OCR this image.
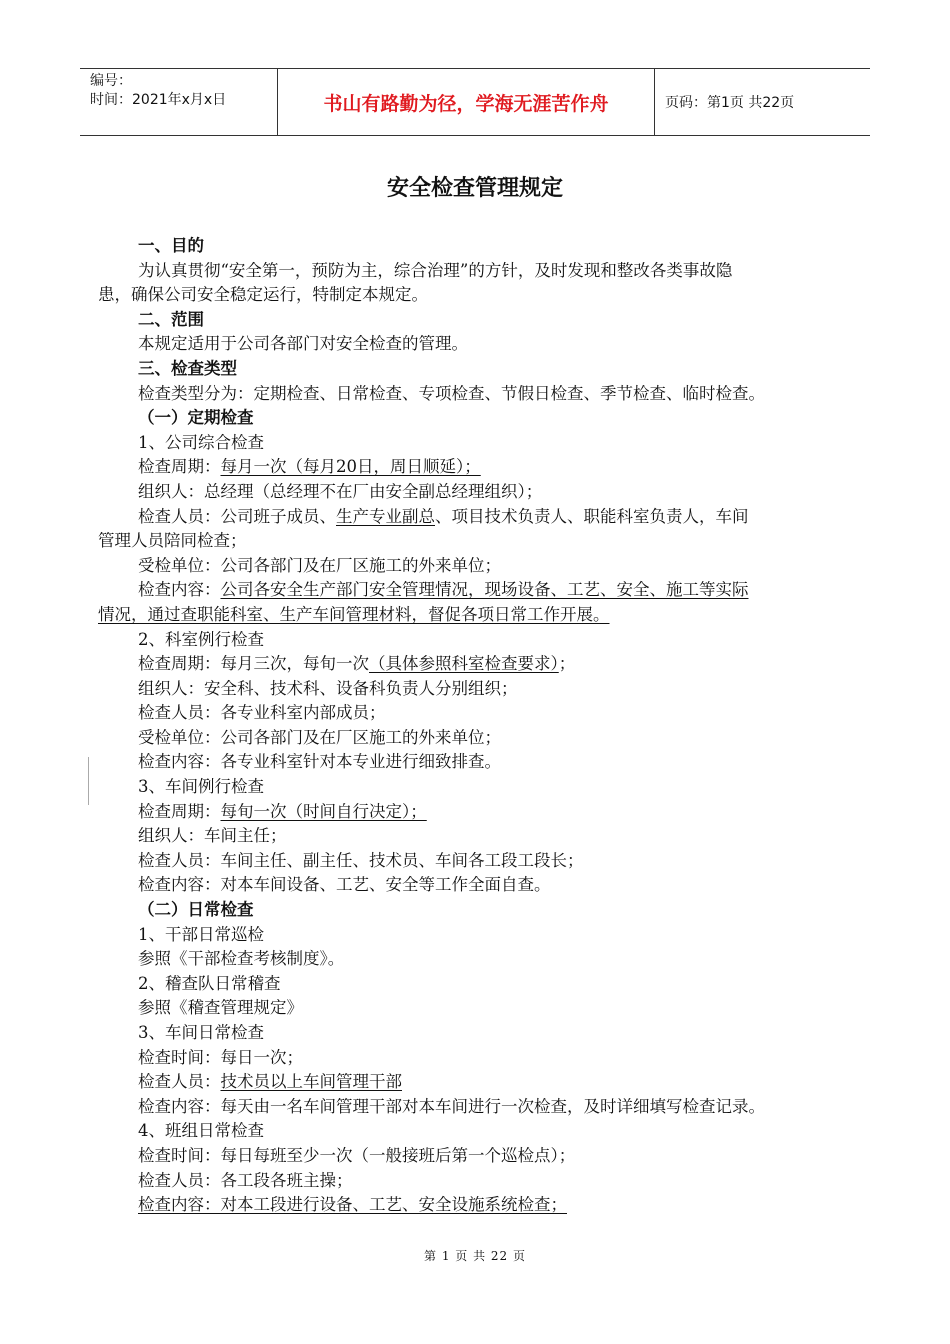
编号：
时间：2021年x月x日	书山有路勤为径，学海无涯苦作舟	页码：第1页 共22页
安全检查管理规定
一、目的
为认真贯彻“安全第一，预防为主，综合治理”的方针，及时发现和整改各类事故隐
患，确保公司安全稳定运行，特制定本规定。
二、范围
本规定适用于公司各部门对安全检查的管理。
三、检查类型
检查类型分为：定期检查、日常检查、专项检查、节假日检查、季节检查、临时检查。
（一）定期检查
1、公司综合检查
检查周期：每月一次（每月20日，周日顺延）；
组织人：总经理（总经理不在厂由安全副总经理组织）；
检查人员：公司班子成员、生产专业副总、项目技术负责人、职能科室负责人，车间
管理人员陪同检查；
受检单位：公司各部门及在厂区施工的外来单位；
检查内容：公司各安全生产部门安全管理情况，现场设备、工艺、安全、施工等实际
情况，通过查职能科室、生产车间管理材料，督促各项日常工作开展。
2、科室例行检查
检查周期：每月三次，每旬一次（具体参照科室检查要求）；
组织人：安全科、技术科、设备科负责人分别组织；
检查人员：各专业科室内部成员；
受检单位：公司各部门及在厂区施工的外来单位；
检查内容：各专业科室针对本专业进行细致排查。
3、车间例行检查
检查周期：每旬一次（时间自行决定）；
组织人：车间主任；
检查人员：车间主任、副主任、技术员、车间各工段工段长；
检查内容：对本车间设备、工艺、安全等工作全面自查。
（二）日常检查
1、干部日常巡检
参照《干部检查考核制度》。
2、稽查队日常稽查
参照《稽查管理规定》
3、车间日常检查
检查时间：每日一次；
检查人员：技术员以上车间管理干部
检查内容：每天由一名车间管理干部对本车间进行一次检查，及时详细填写检查记录。
4、班组日常检查
检查时间：每日每班至少一次（一般接班后第一个巡检点）；
检查人员：各工段各班主操；
检查内容：对本工段进行设备、工艺、安全设施系统检查；
第 1 页 共 22 页
